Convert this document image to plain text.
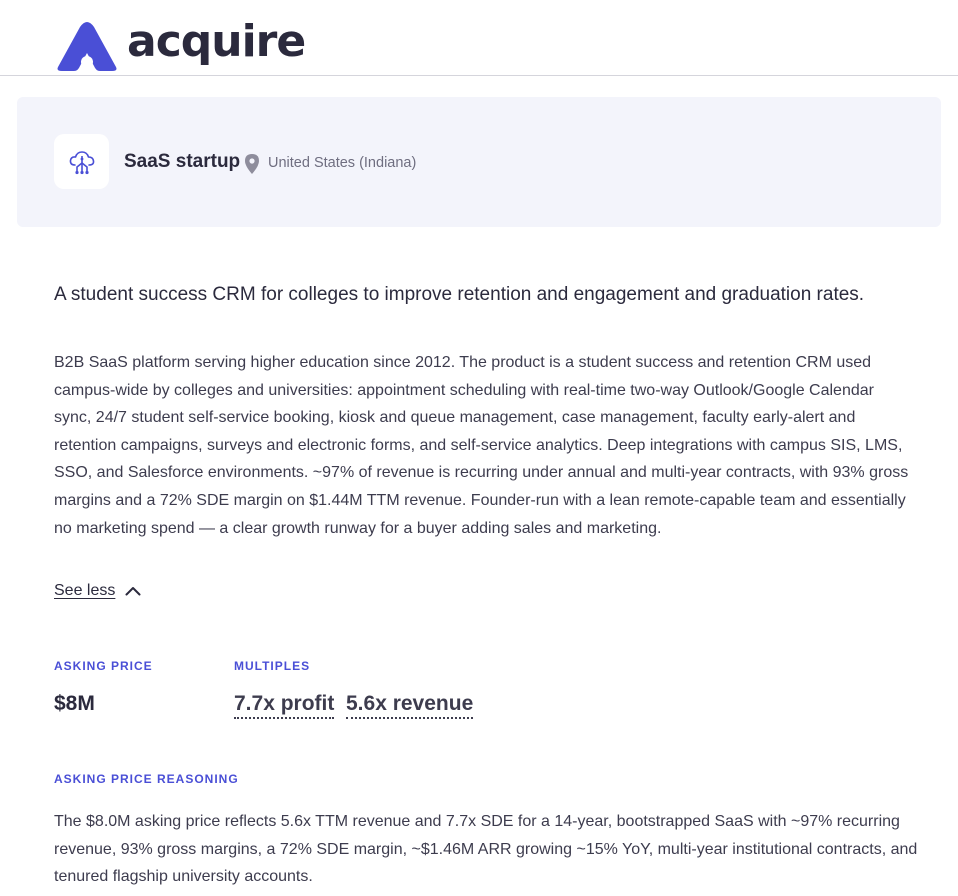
acquire
SaaS startup United States (Indiana)
A student success CRM for colleges to improve retention and engagement and graduation rates.
B2B SaaS platform serving higher education since 2012. The product is a student success and retention CRM used campus-wide by colleges and universities: appointment scheduling with real-time two-way Outlook/Google Calendar sync, 24/7 student self-service booking, kiosk and queue management, case management, faculty early-alert and retention campaigns, surveys and electronic forms, and self-service analytics. Deep integrations with campus SIS, LMS, SSO, and Salesforce environments. ~97% of revenue is recurring under annual and multi-year contracts, with 93% gross margins and a 72% SDE margin on $1.44M TTM revenue. Founder-run with a lean remote-capable team and essentially no marketing spend — a clear growth runway for a buyer adding sales and marketing.
See less
ASKING PRICE	MULTIPLES
$8M	7.7x profit 5.6x revenue
ASKING PRICE REASONING
The $8.0M asking price reflects 5.6x TTM revenue and 7.7x SDE for a 14-year, bootstrapped SaaS with ~97% recurring revenue, 93% gross margins, a 72% SDE margin, ~$1.46M ARR growing ~15% YoY, multi-year institutional contracts, and tenured flagship university accounts.
